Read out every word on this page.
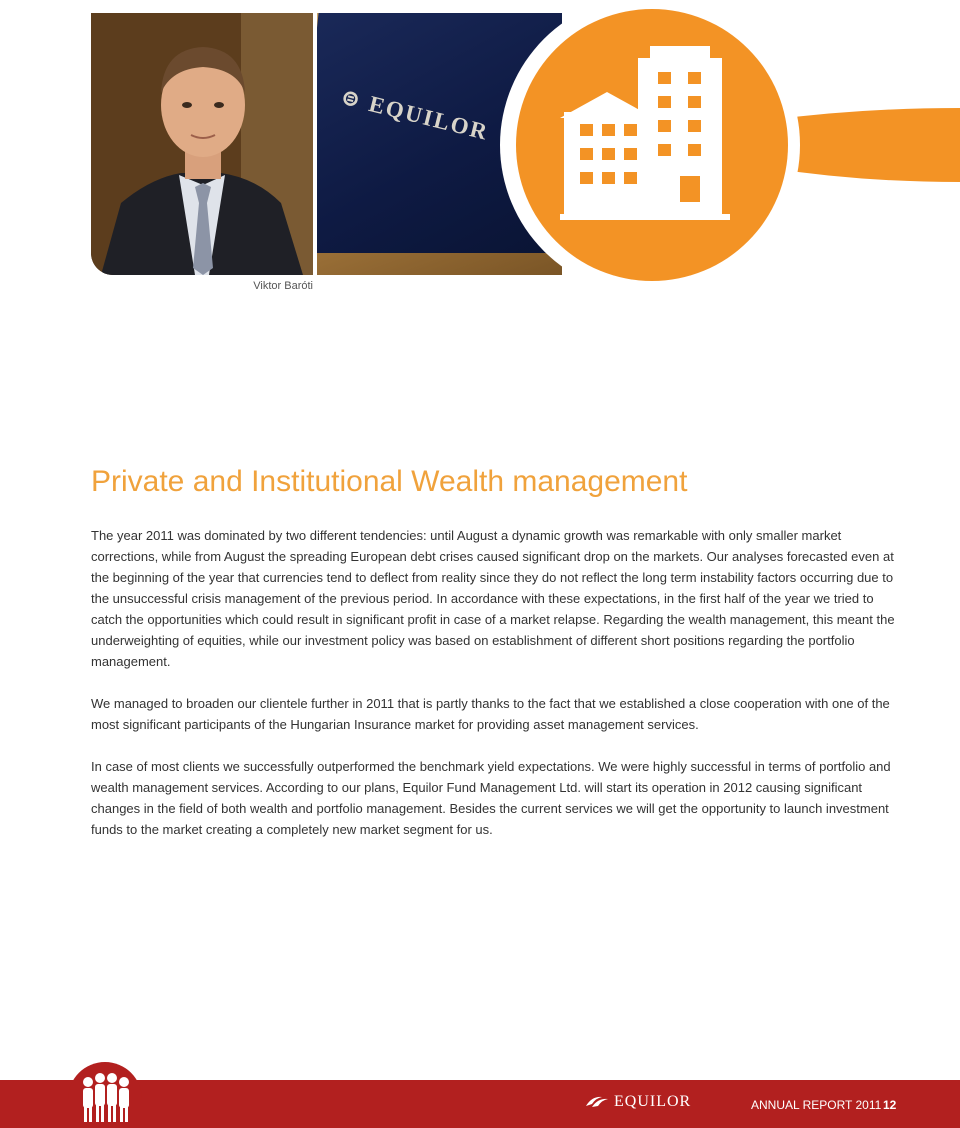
⊜ EQUILOR
Viktor Baróti
Private and Institutional Wealth management

The year 2011 was dominated by two different tendencies: until August a dynamic growth was remarkable with only smaller market corrections, while from August the spreading European debt crises caused significant drop on the markets. Our analyses forecasted even at the beginning of the year that currencies tend to deflect from reality since they do not reflect the long term instability factors occurring due to the unsuccessful crisis management of the previous period. In accordance with these expectations, in the first half of the year we tried to catch the opportunities which could result in significant profit in case of a market relapse. Regarding the wealth management, this meant the underweighting of equities, while our investment policy was based on establishment of different short positions regarding the portfolio management.

We managed to broaden our clientele further in 2011 that is partly thanks to the fact that we established a close cooperation with one of the most significant participants of the Hungarian Insurance market for providing asset management services.

In case of most clients we successfully outperformed the benchmark yield expectations. We were highly successful in terms of portfolio and wealth management services. According to our plans, Equilor Fund Management Ltd. will start its operation in 2012 causing significant changes in the field of both wealth and portfolio management. Besides the current services we will get the opportunity to launch investment funds to the market creating a completely new market segment for us.

EQUILOR	ANNUAL REPORT 2011 12
